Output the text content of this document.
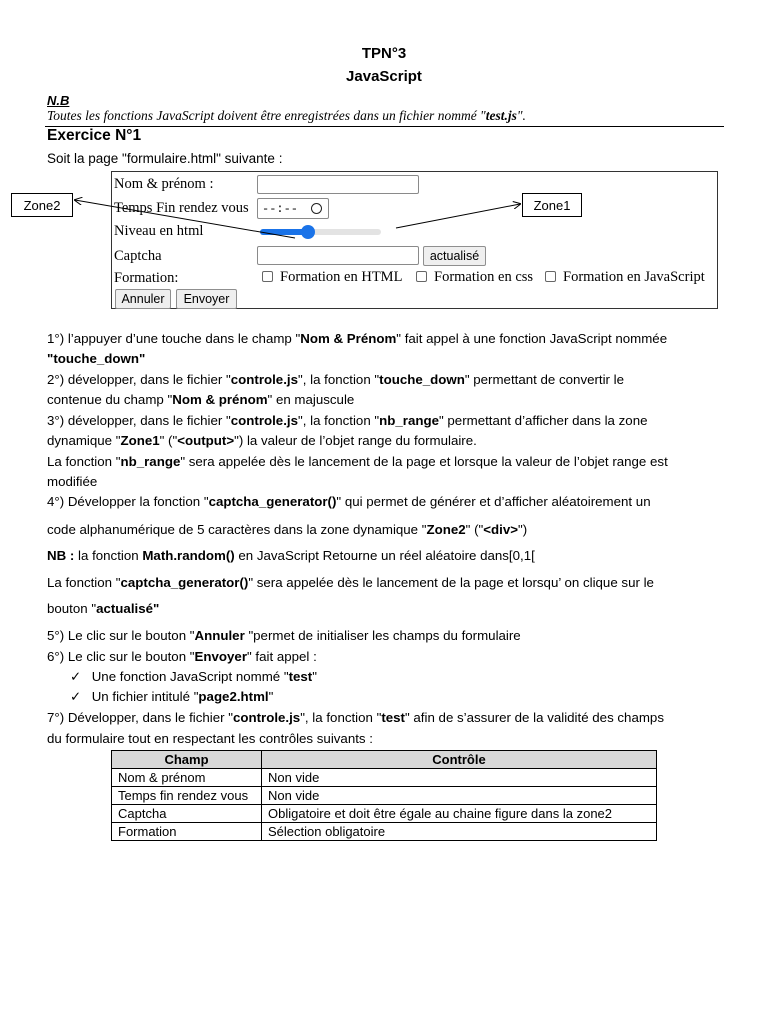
TPN°3
JavaScript
N.B
Toutes les fonctions JavaScript doivent être enregistrées dans un fichier nommé "test.js".
Exercice N°1
Soit la page "formulaire.html" suivante :
Nom & prénom :
Temps Fin rendez vous --:--
Niveau en html
Captcha	actualisé
Formation:	Formation en HTML Formation en css Formation en JavaScript
Annuler	Envoyer
Zone2	Zone1
1°) l’appuyer d’une touche dans le champ "Nom & Prénom" fait appel à une fonction JavaScript nommée
"touche_down"
2°) développer, dans le fichier "controle.js", la fonction "touche_down" permettant de convertir le
contenue du champ "Nom & prénom" en majuscule
3°) développer, dans le fichier "controle.js", la fonction "nb_range" permettant d’afficher dans la zone
dynamique "Zone1" ("<output>") la valeur de l’objet range du formulaire.
La fonction "nb_range" sera appelée dès le lancement de la page et lorsque la valeur de l’objet range est
modifiée
4°) Développer la fonction "captcha_generator()" qui permet de générer et d’afficher aléatoirement un
code alphanumérique de 5 caractères dans la zone dynamique "Zone2" ("<div>")
NB : la fonction Math.random() en JavaScript Retourne un réel aléatoire dans[0,1[
La fonction "captcha_generator()" sera appelée dès le lancement de la page et lorsqu’ on clique sur le
bouton "actualisé"
5°) Le clic sur le bouton "Annuler "permet de initialiser les champs du formulaire
6°) Le clic sur le bouton "Envoyer" fait appel :
✓ Une fonction JavaScript nommé "test"
✓ Un fichier intitulé "page2.html"
7°) Développer, dans le fichier "controle.js", la fonction "test" afin de s’assurer de la validité des champs
du formulaire tout en respectant les contrôles suivants :
Champ	Contrôle
Nom & prénom	Non vide
Temps fin rendez vous	Non vide
Captcha	Obligatoire et doit être égale au chaine figure dans la zone2
Formation	Sélection obligatoire
